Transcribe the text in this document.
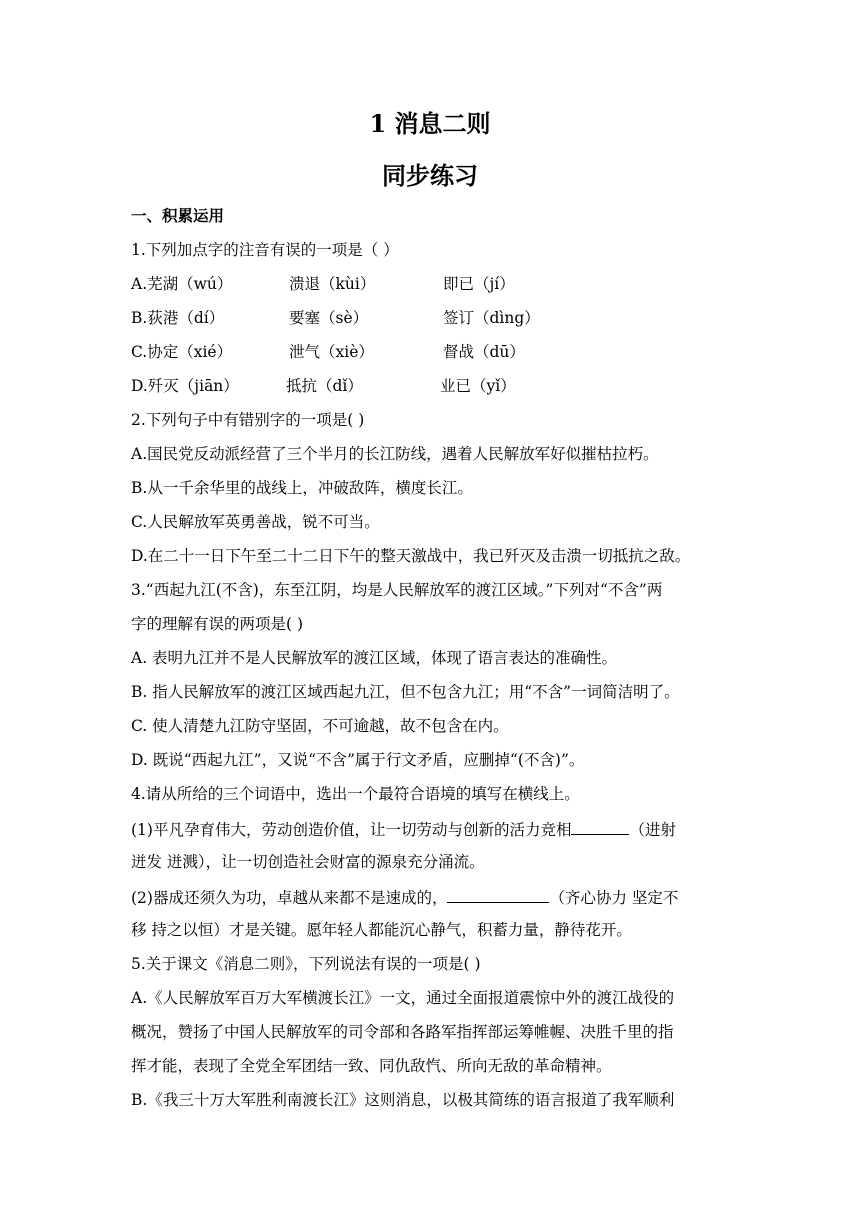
1 消息二则
同步练习
一、积累运用
1.下列加点字的注音有误的一项是（ ）
A.芜湖（wú）	溃退（kùi）	即已（jí）
B.荻港（dí）	要塞（sè）	签订（dìng）
C.协定（xié）	泄气（xiè）	督战（dū）
D.歼灭（jiān）	抵抗（dǐ）	业已（yǐ）
2.下列句子中有错别字的一项是( )
A.国民党反动派经营了三个半月的长江防线，遇着人民解放军好似摧枯拉朽。
B.从一千余华里的战线上，冲破敌阵，横度长江。
C.人民解放军英勇善战，锐不可当。
D.在二十一日下午至二十二日下午的整天激战中，我已歼灭及击溃一切抵抗之敌。
3.“西起九江(不含)，东至江阴，均是人民解放军的渡江区域。”下列对“不含”两
字的理解有误的两项是( )
A. 表明九江并不是人民解放军的渡江区域，体现了语言表达的准确性。
B. 指人民解放军的渡江区域西起九江，但不包含九江；用“不含”一词简洁明了。
C. 使人清楚九江防守坚固，不可逾越，故不包含在内。
D. 既说“西起九江”，又说“不含”属于行文矛盾，应删掉“(不含)”。
4.请从所给的三个词语中，选出一个最符合语境的填写在横线上。
(1)平凡孕育伟大，劳动创造价值，让一切劳动与创新的活力竞相	（进射
迸发 迸溅），让一切创造社会财富的源泉充分涌流。
(2)器成还须久为功，卓越从来都不是速成的，	（齐心协力 坚定不
移 持之以恒）才是关键。愿年轻人都能沉心静气，积蓄力量，静待花开。
5.关于课文《消息二则》，下列说法有误的一项是( )
A.《人民解放军百万大军横渡长江》一文，通过全面报道震惊中外的渡江战役的
概况，赞扬了中国人民解放军的司令部和各路军指挥部运筹帷幄、决胜千里的指
挥才能，表现了全党全军团结一致、同仇敌忾、所向无敌的革命精神。
B.《我三十万大军胜利南渡长江》这则消息，以极其简练的语言报道了我军顺利
